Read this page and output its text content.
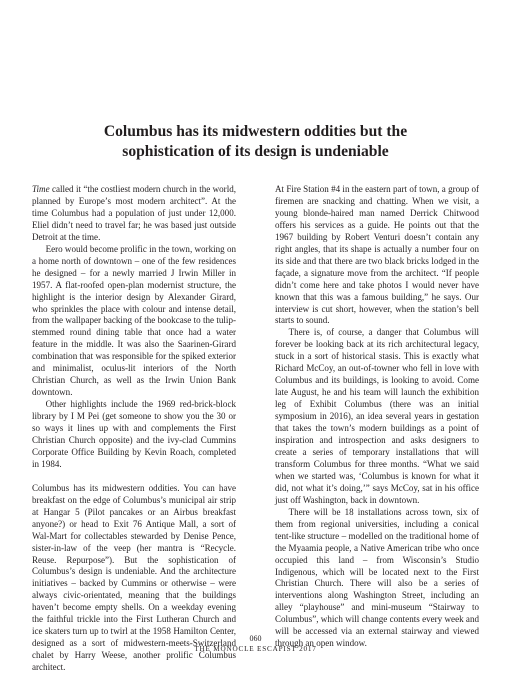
Columbus has its midwestern oddities but the
sophistication of its design is undeniable

Time called it “the costliest modern church in the world, planned by Europe’s most modern architect”. At the time Columbus had a population of just under 12,000. Eliel didn’t need to travel far; he was based just outside Detroit at the time.

Eero would become prolific in the town, working on a home north of downtown – one of the few residences he designed – for a newly married J Irwin Miller in 1957. A flat-roofed open-plan modernist structure, the highlight is the interior design by Alexander Girard, who sprinkles the place with colour and intense detail, from the wallpaper backing of the bookcase to the tulip-stemmed round dining table that once had a water feature in the middle. It was also the Saarinen-Girard combination that was responsible for the spiked exterior and minimalist, oculus-lit interiors of the North Christian Church, as well as the Irwin Union Bank downtown.

Other highlights include the 1969 red-brick-block library by I M Pei (get someone to show you the 30 or so ways it lines up with and complements the First Christian Church opposite) and the ivy-clad Cummins Corporate Office Building by Kevin Roach, completed in 1984.

Columbus has its midwestern oddities. You can have breakfast on the edge of Columbus’s municipal air strip at Hangar 5 (Pilot pancakes or an Airbus breakfast anyone?) or head to Exit 76 Antique Mall, a sort of Wal-Mart for collectables stewarded by Denise Pence, sister-in-law of the veep (her mantra is “Recycle. Reuse. Repurpose”). But the sophistication of Columbus’s design is undeniable. And the architecture initiatives – backed by Cummins or otherwise – were always civic-orientated, meaning that the buildings haven’t become empty shells. On a weekday evening the faithful trickle into the First Lutheran Church and ice skaters turn up to twirl at the 1958 Hamilton Center, designed as a sort of midwestern-meets-Switzerland chalet by Harry Weese, another prolific Columbus architect.

At Fire Station #4 in the eastern part of town, a group of firemen are snacking and chatting. When we visit, a young blonde-haired man named Derrick Chitwood offers his services as a guide. He points out that the 1967 building by Robert Venturi doesn’t contain any right angles, that its shape is actually a number four on its side and that there are two black bricks lodged in the façade, a signature move from the architect. “If people didn’t come here and take photos I would never have known that this was a famous building,” he says. Our interview is cut short, however, when the station’s bell starts to sound.

There is, of course, a danger that Columbus will forever be looking back at its rich architectural legacy, stuck in a sort of historical stasis. This is exactly what Richard McCoy, an out-of-towner who fell in love with Columbus and its buildings, is looking to avoid. Come late August, he and his team will launch the exhibition leg of Exhibit Columbus (there was an initial symposium in 2016), an idea several years in gestation that takes the town’s modern buildings as a point of inspiration and introspection and asks designers to create a series of temporary installations that will transform Columbus for three months. “What we said when we started was, ‘Columbus is known for what it did, not what it’s doing,’” says McCoy, sat in his office just off Washington, back in downtown.

There will be 18 installations across town, six of them from regional universities, including a conical tent-like structure – modelled on the traditional home of the Myaamia people, a Native American tribe who once occupied this land – from Wisconsin’s Studio Indigenous, which will be located next to the First Christian Church. There will also be a series of interventions along Washington Street, including an alley “playhouse” and mini-museum “Stairway to Columbus”, which will change contents every week and will be accessed via an external stairway and viewed through an open window.

060
THE MONOCLE ESCAPIST 2017
